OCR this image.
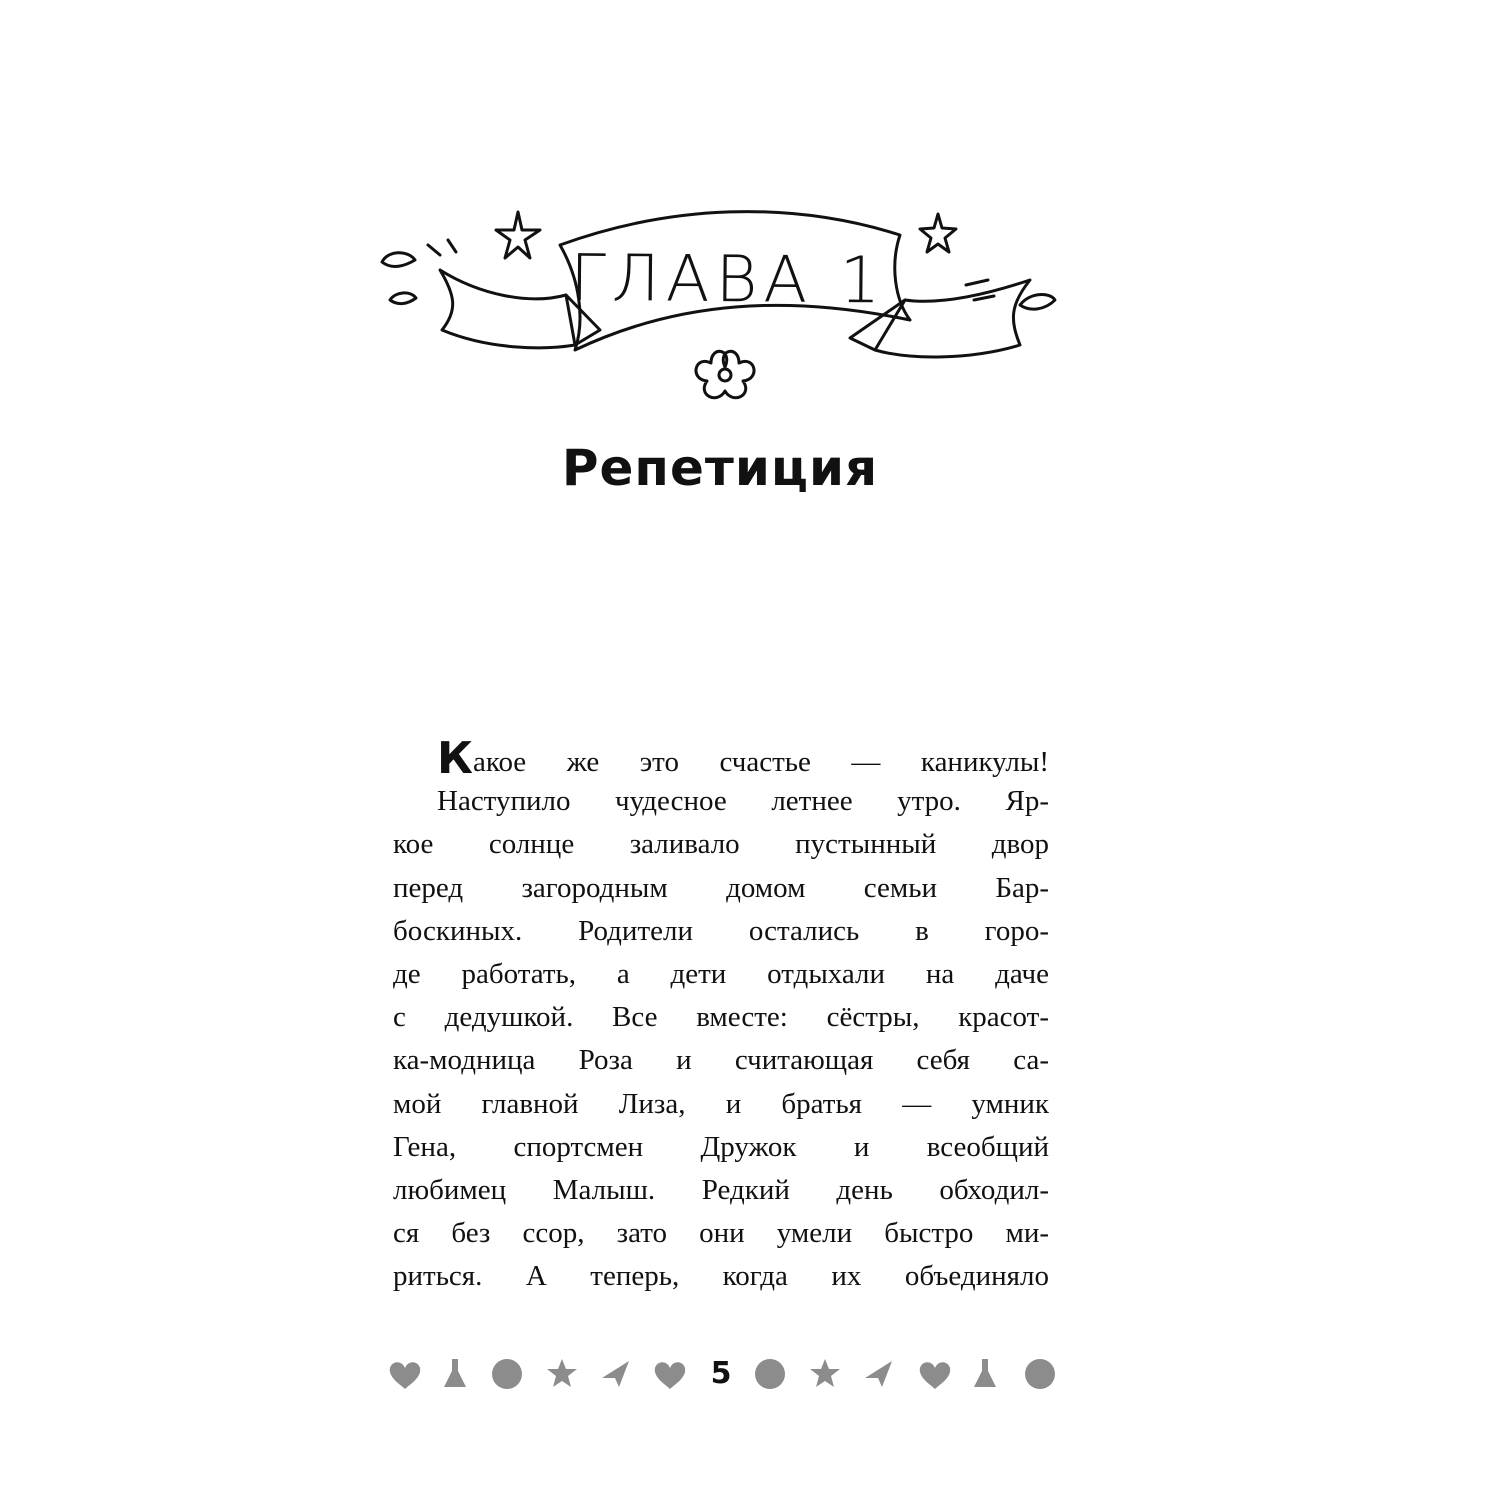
ГЛАВА 1
Репетиция
Какое же это счастье — каникулы!
Наступило чудесное летнее утро. Яр-
кое солнце заливало пустынный двор
перед загородным домом семьи Бар-
боскиных. Родители остались в горо-
де работать, а дети отдыхали на даче
с дедушкой. Все вместе: сёстры, красот-
ка-модница Роза и считающая себя са-
мой главной Лиза, и братья — умник
Гена, спортсмен Дружок и всеобщий
любимец Малыш. Редкий день обходил-
ся без ссор, зато они умели быстро ми-
риться. А теперь, когда их объединяло
5
